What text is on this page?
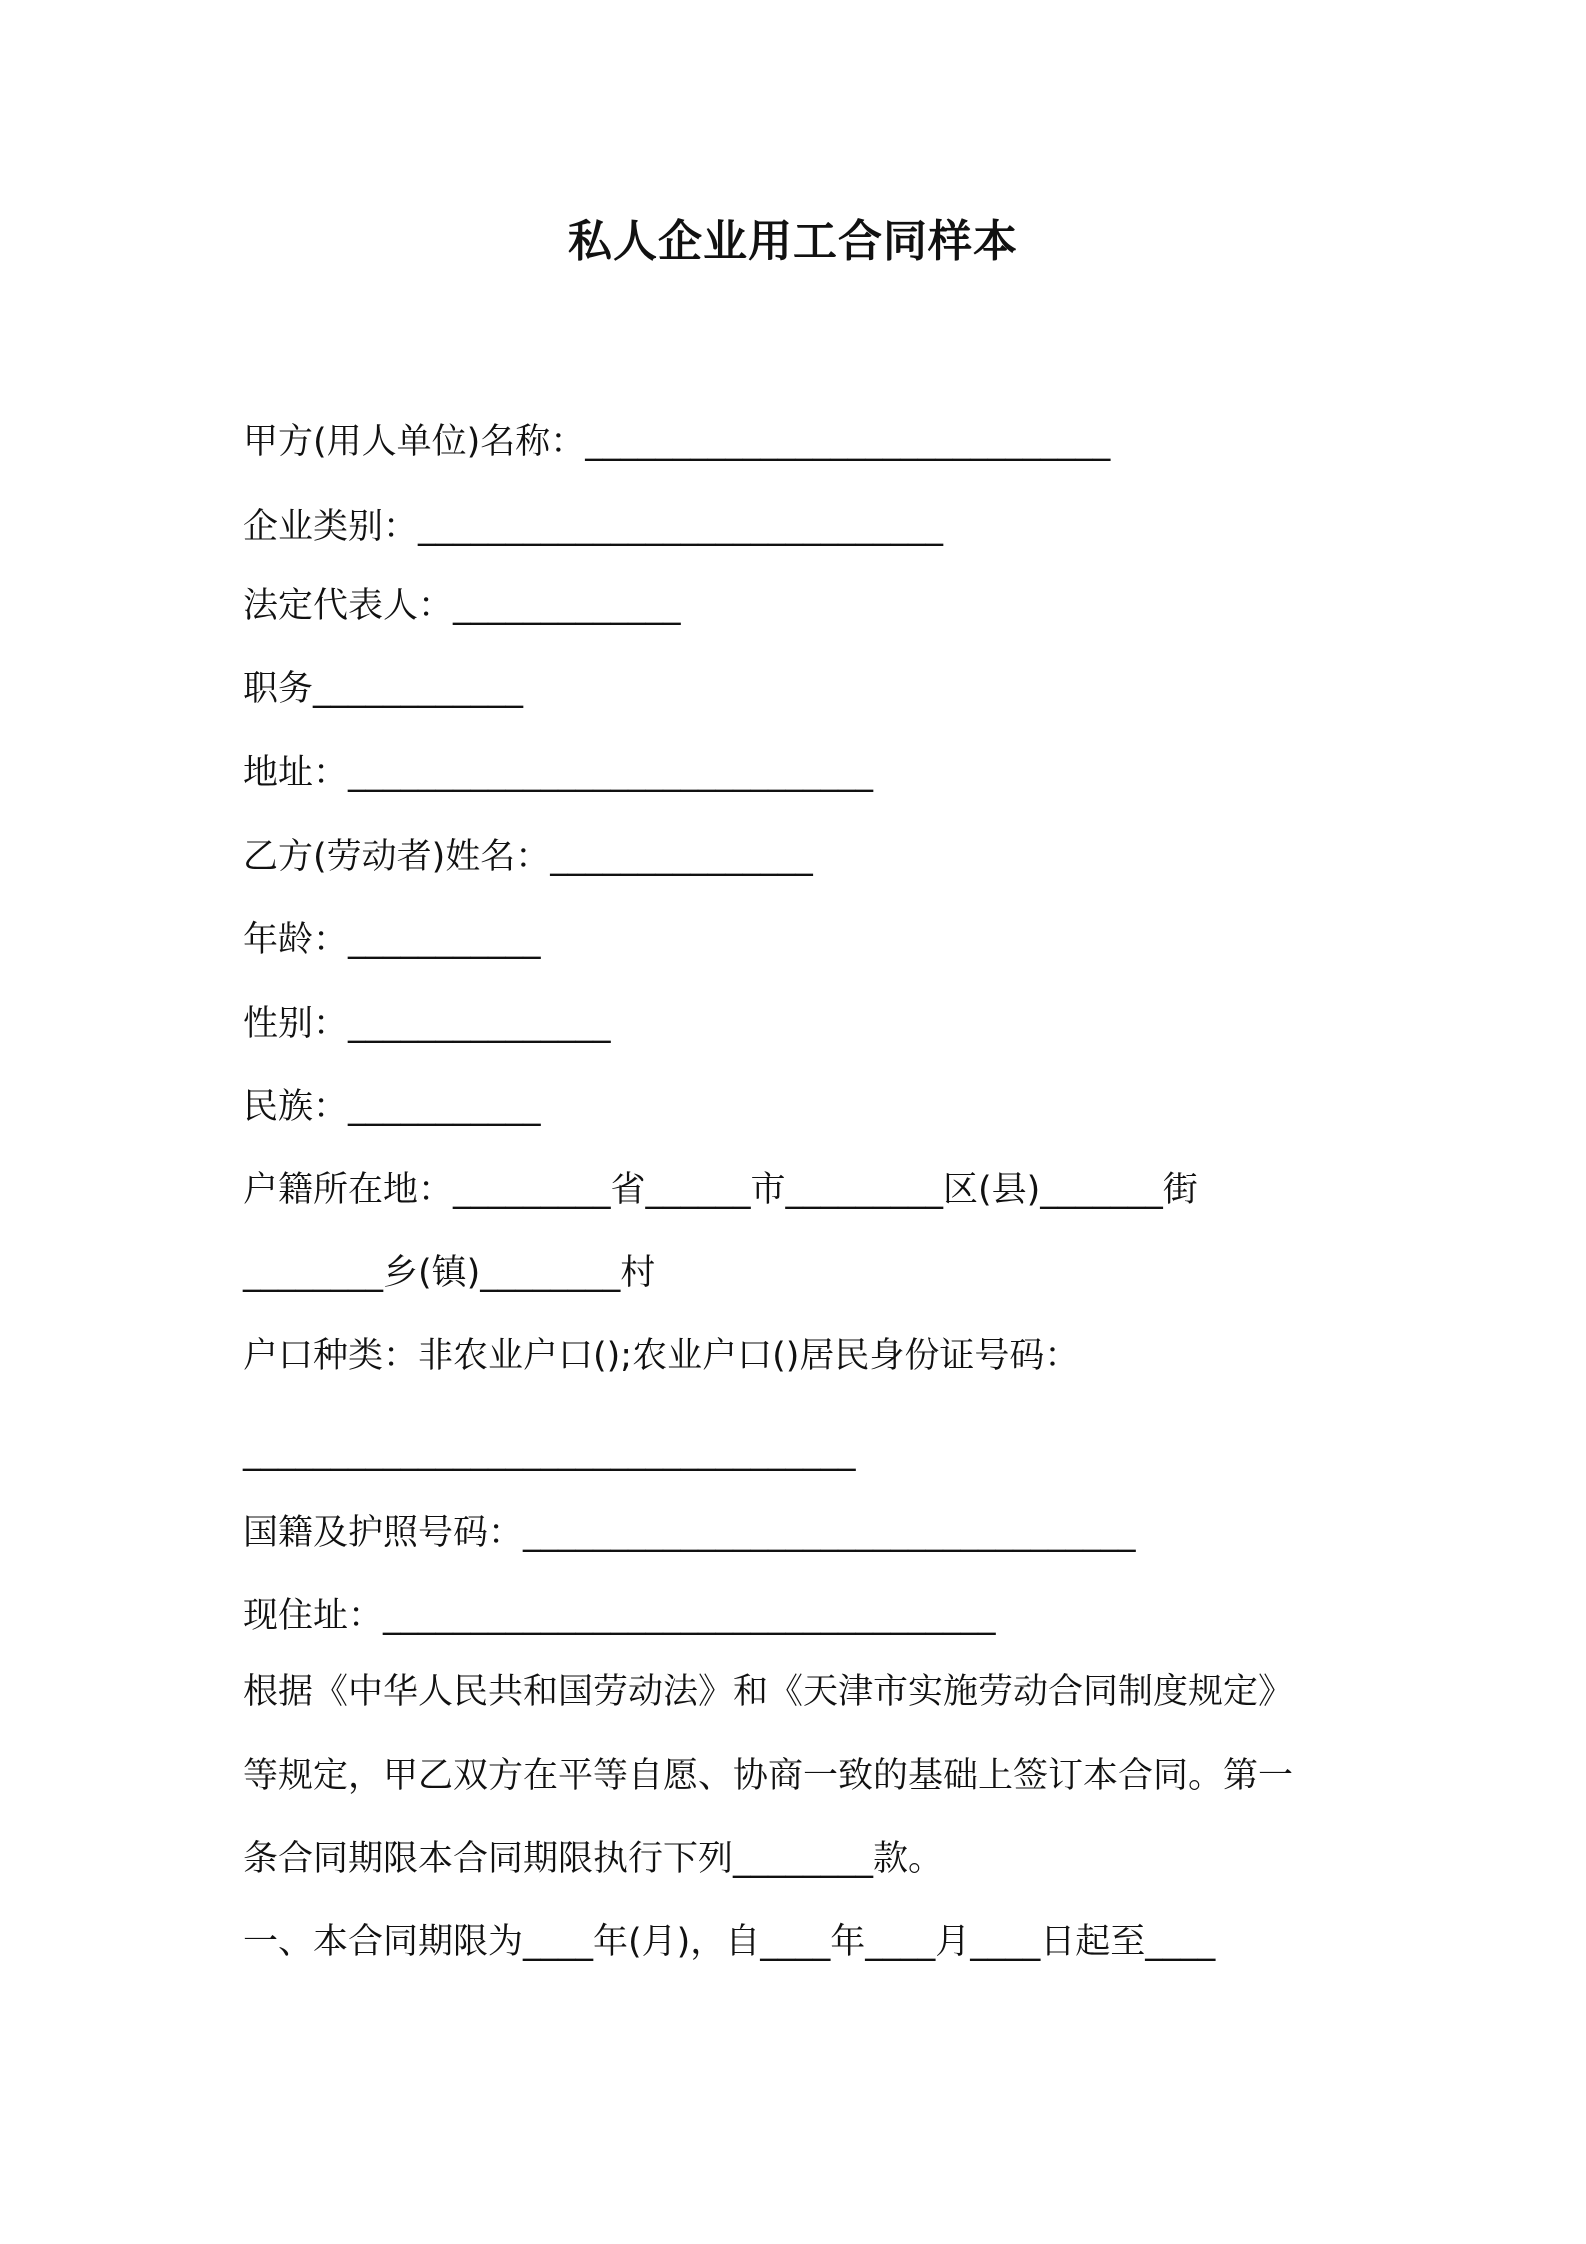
私人企业用工合同样本
甲方(用人单位)名称：______________________________
企业类别：______________________________
法定代表人：_____________
职务____________
地址：______________________________
乙方(劳动者)姓名：_______________
年龄：___________
性别：_______________
民族：___________
户籍所在地：_________省______市_________区(县)_______街
________乡(镇)________村
户口种类：非农业户口();农业户口()居民身份证号码：
___________________________________
国籍及护照号码：___________________________________
现住址：___________________________________
根据《中华人民共和国劳动法》和《天津市实施劳动合同制度规定》
等规定，甲乙双方在平等自愿、协商一致的基础上签订本合同。第一
条合同期限本合同期限执行下列________款。
一、本合同期限为____年(月)，自____年____月____日起至____
